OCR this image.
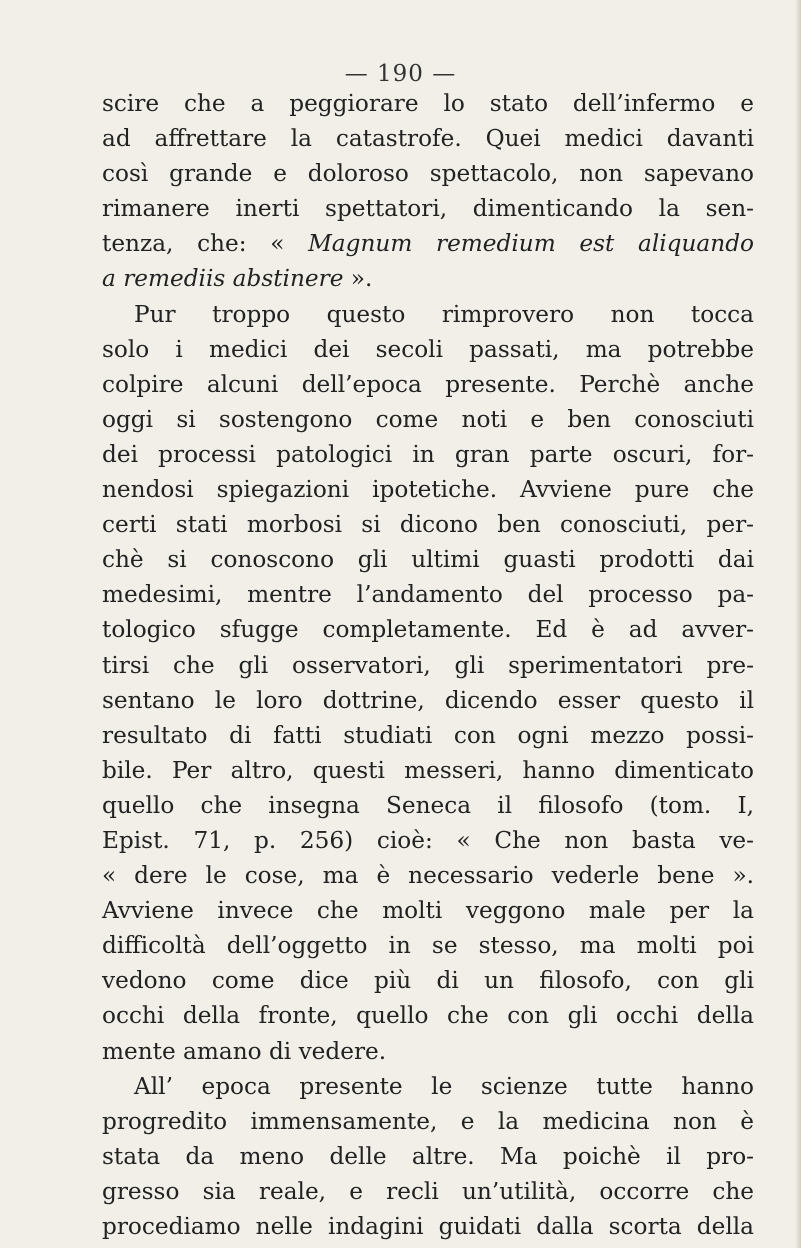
— 190 —
scire che a peggiorare lo stato dell’infermo e
ad affrettare la catastrofe. Quei medici davanti
così grande e doloroso spettacolo, non sapevano
rimanere inerti spettatori, dimenticando la sen-
tenza, che: « Magnum remedium est aliquando
a remediis abstinere ».
Pur troppo questo rimprovero non tocca
solo i medici dei secoli passati, ma potrebbe
colpire alcuni dell’epoca presente. Perchè anche
oggi si sostengono come noti e ben conosciuti
dei processi patologici in gran parte oscuri, for-
nendosi spiegazioni ipotetiche. Avviene pure che
certi stati morbosi si dicono ben conosciuti, per-
chè si conoscono gli ultimi guasti prodotti dai
medesimi, mentre l’andamento del processo pa-
tologico sfugge completamente. Ed è ad avver-
tirsi che gli osservatori, gli sperimentatori pre-
sentano le loro dottrine, dicendo esser questo il
resultato di fatti studiati con ogni mezzo possi-
bile. Per altro, questi messeri, hanno dimenticato
quello che insegna Seneca il filosofo (tom. I,
Epist. 71, p. 256) cioè: « Che non basta ve-
« dere le cose, ma è necessario vederle bene ».
Avviene invece che molti veggono male per la
difficoltà dell’oggetto in se stesso, ma molti poi
vedono come dice più di un filosofo, con gli
occhi della fronte, quello che con gli occhi della
mente amano di vedere.
All’ epoca presente le scienze tutte hanno
progredito immensamente, e la medicina non è
stata da meno delle altre. Ma poichè il pro-
gresso sia reale, e recli un’utilità, occorre che
procediamo nelle indagini guidati dalla scorta della
